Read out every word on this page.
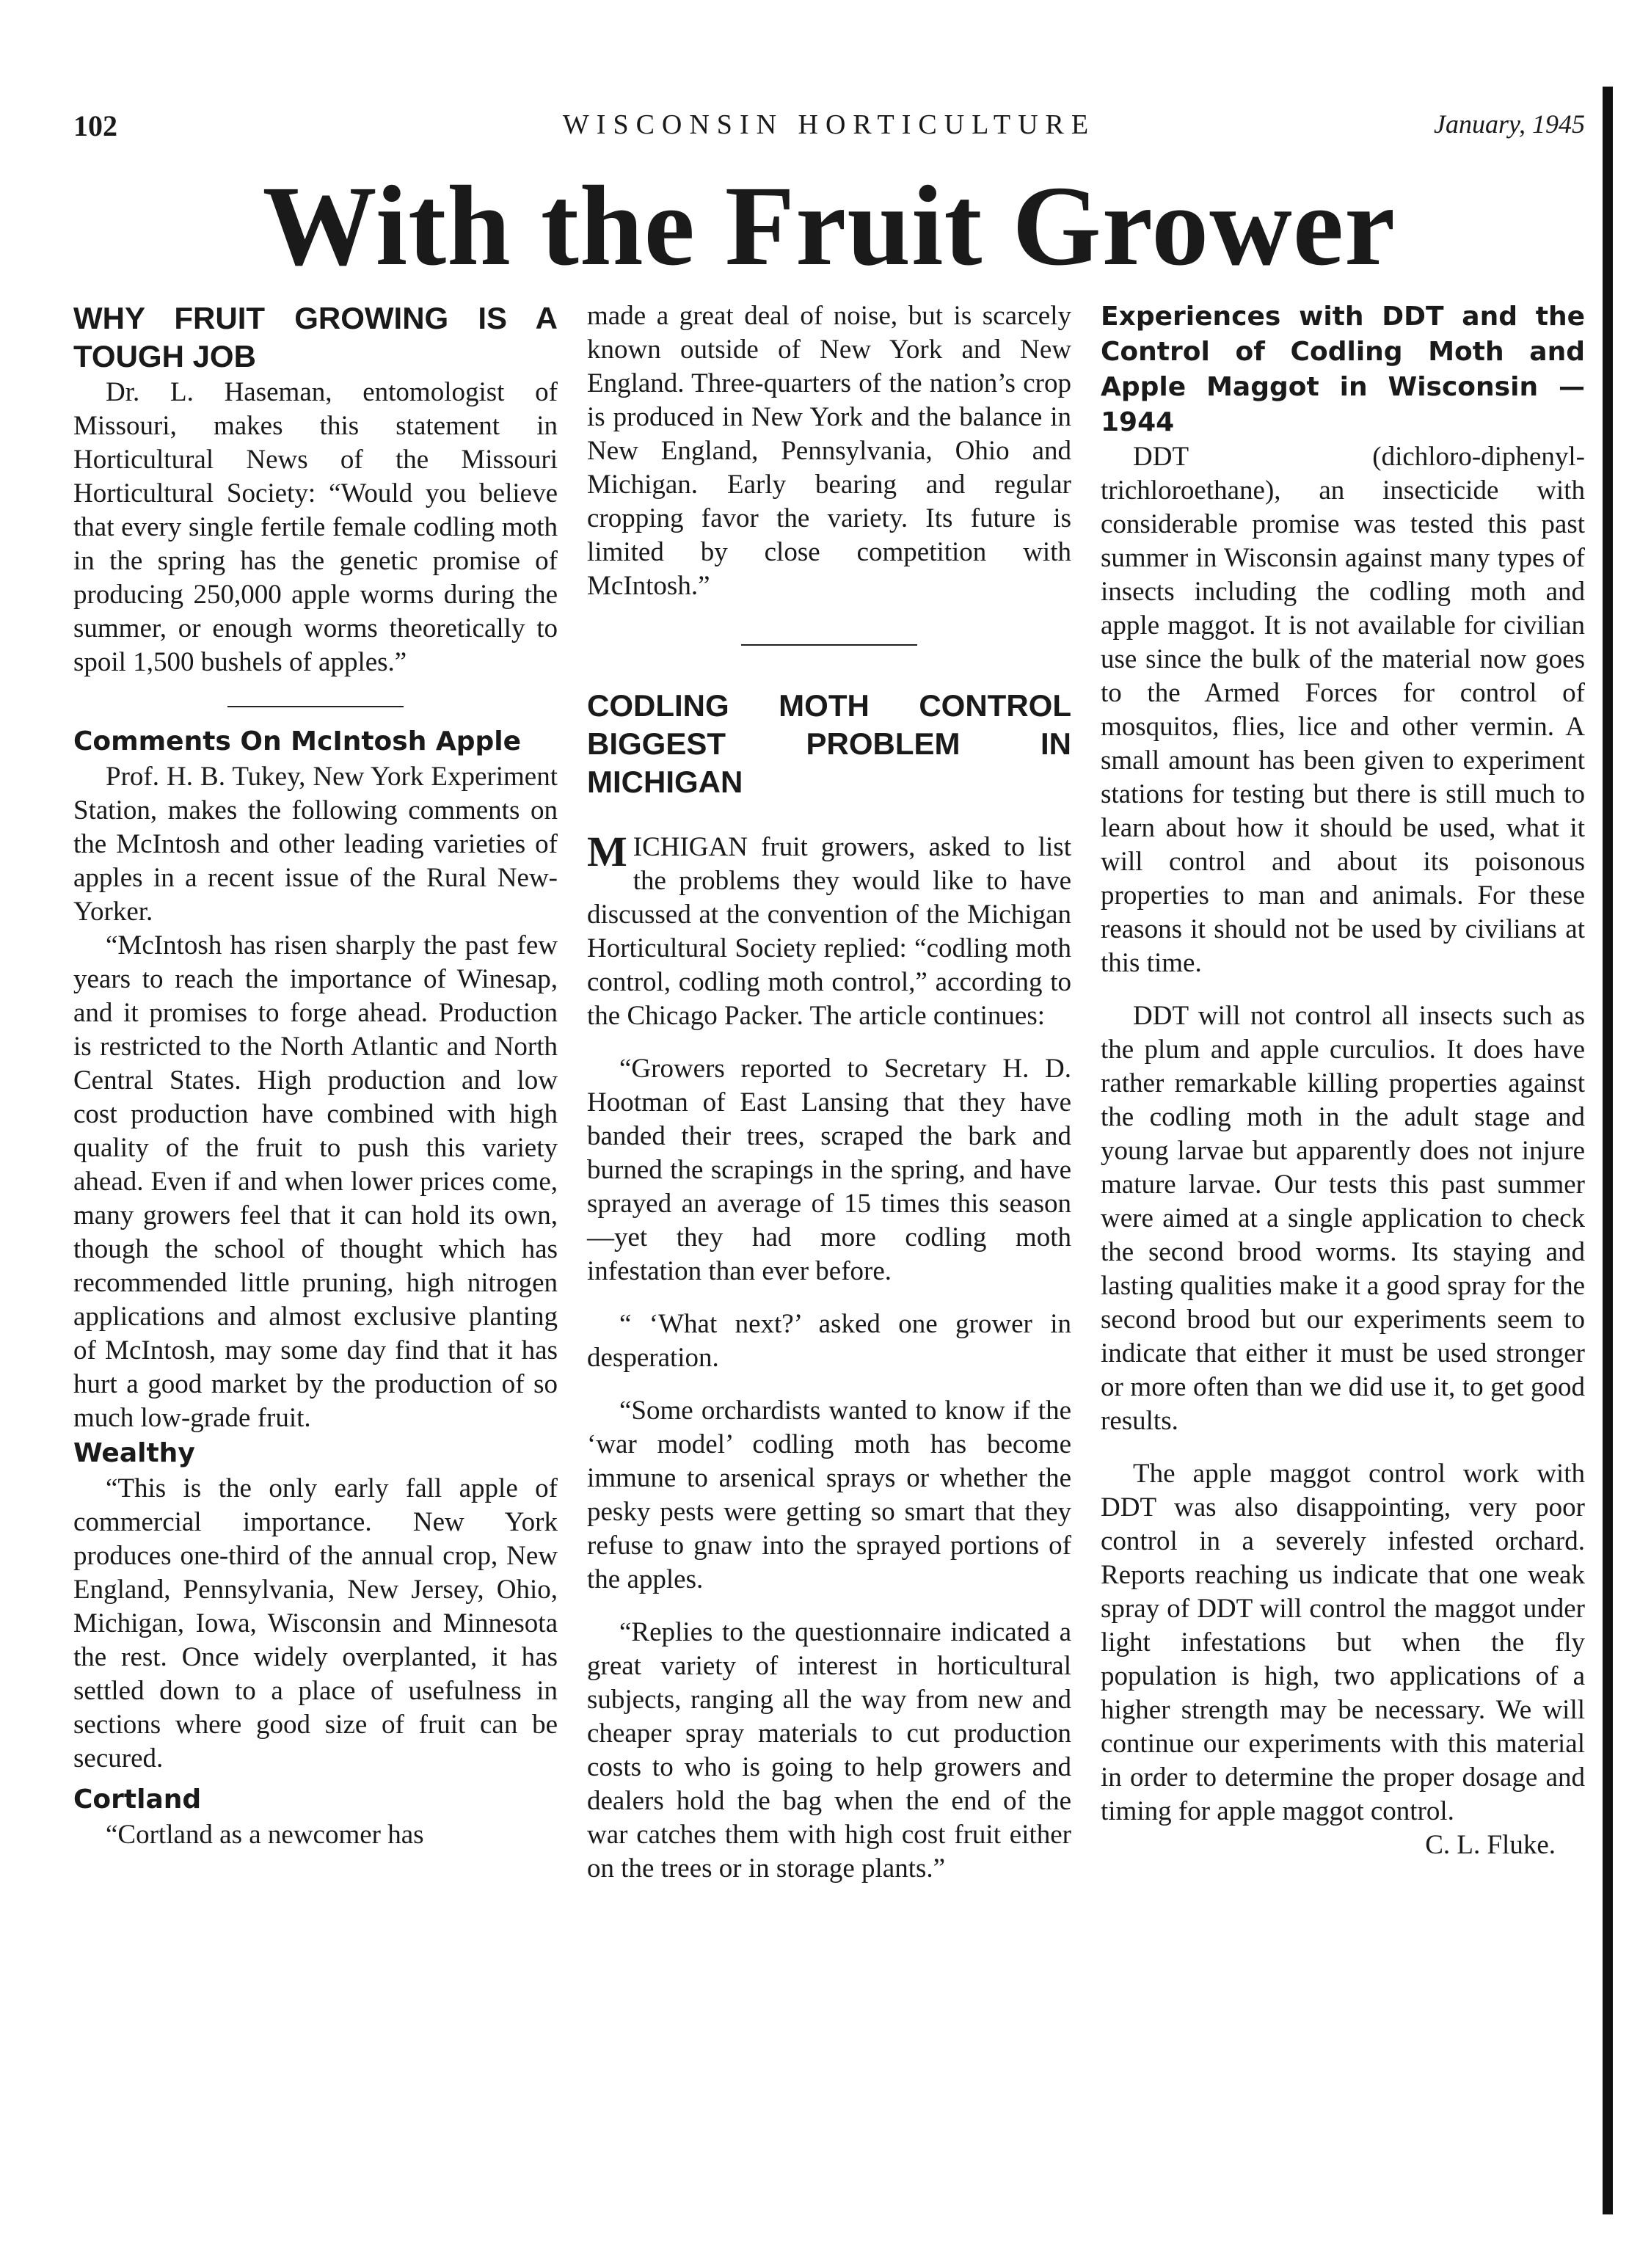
102	WISCONSIN HORTICULTURE	January, 1945
With the Fruit Grower

WHY FRUIT GROWING IS A TOUGH JOB

Dr. L. Haseman, entomologist of Missouri, makes this statement in Horticultural News of the Missouri Horticultural Society: “Would you believe that every single fertile female codling moth in the spring has the genetic promise of producing 250,000 apple worms during the summer, or enough worms theoretically to spoil 1,500 bushels of apples.”

Comments On McIntosh Apple

Prof. H. B. Tukey, New York Experiment Station, makes the following comments on the McIntosh and other leading varieties of apples in a recent issue of the Rural New-Yorker.

“McIntosh has risen sharply the past few years to reach the importance of Winesap, and it promises to forge ahead. Production is restricted to the North Atlantic and North Central States. High production and low cost production have combined with high quality of the fruit to push this variety ahead. Even if and when lower prices come, many growers feel that it can hold its own, though the school of thought which has recommended little pruning, high nitrogen applications and almost exclusive planting of McIntosh, may some day find that it has hurt a good market by the production of so much low-grade fruit.

Wealthy

“This is the only early fall apple of commercial importance. New York produces one-third of the annual crop, New England, Pennsylvania, New Jersey, Ohio, Michigan, Iowa, Wisconsin and Minnesota the rest. Once widely overplanted, it has settled down to a place of usefulness in sections where good size of fruit can be secured.

Cortland

“Cortland as a newcomer has

made a great deal of noise, but is scarcely known outside of New York and New England. Three-quarters of the nation’s crop is produced in New York and the balance in New England, Pennsylvania, Ohio and Michigan. Early bearing and regular cropping favor the variety. Its future is limited by close competition with McIntosh.”

CODLING MOTH CONTROL BIGGEST PROBLEM IN MICHIGAN

MICHIGAN fruit growers, asked to list the problems they would like to have discussed at the convention of the Michigan Horticultural Society replied: “codling moth control, codling moth control,” according to the Chicago Packer. The article continues:

“Growers reported to Secretary H. D. Hootman of East Lansing that they have banded their trees, scraped the bark and burned the scrapings in the spring, and have sprayed an average of 15 times this season—yet they had more codling moth infestation than ever before.

“ ‘What next?’ asked one grower in desperation.

“Some orchardists wanted to know if the ‘war model’ codling moth has become immune to arsenical sprays or whether the pesky pests were getting so smart that they refuse to gnaw into the sprayed portions of the apples.

“Replies to the questionnaire indicated a great variety of interest in horticultural subjects, ranging all the way from new and cheaper spray materials to cut production costs to who is going to help growers and dealers hold the bag when the end of the war catches them with high cost fruit either on the trees or in storage plants.”

Experiences with DDT and the Control of Codling Moth and Apple Maggot in Wisconsin —1944

DDT (dichloro-diphenyl-trichloroethane), an insecticide with considerable promise was tested this past summer in Wisconsin against many types of insects including the codling moth and apple maggot. It is not available for civilian use since the bulk of the material now goes to the Armed Forces for control of mosquitos, flies, lice and other vermin. A small amount has been given to experiment stations for testing but there is still much to learn about how it should be used, what it will control and about its poisonous properties to man and animals. For these reasons it should not be used by civilians at this time.

DDT will not control all insects such as the plum and apple curculios. It does have rather remarkable killing properties against the codling moth in the adult stage and young larvae but apparently does not injure mature larvae. Our tests this past summer were aimed at a single application to check the second brood worms. Its staying and lasting qualities make it a good spray for the second brood but our experiments seem to indicate that either it must be used stronger or more often than we did use it, to get good results.

The apple maggot control work with DDT was also disappointing, very poor control in a severely infested orchard. Reports reaching us indicate that one weak spray of DDT will control the maggot under light infestations but when the fly population is high, two applications of a higher strength may be necessary. We will continue our experiments with this material in order to determine the proper dosage and timing for apple maggot control.

C. L. Fluke.
